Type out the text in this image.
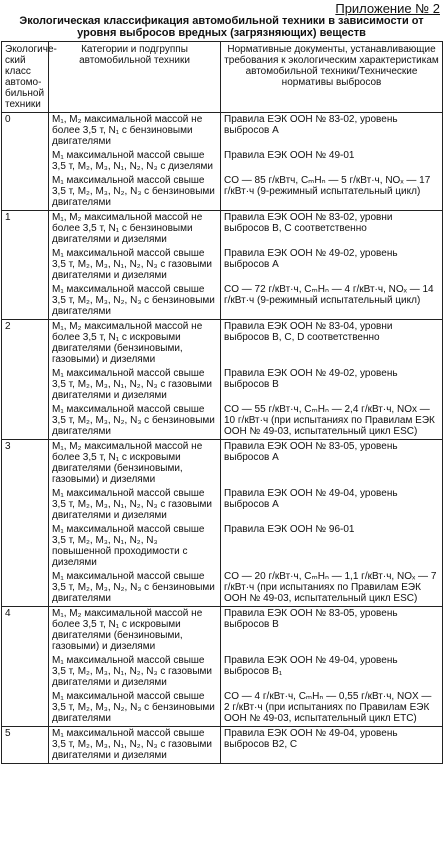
Приложение № 2
Экологическая классификация автомобильной техники в зависимости от уровня выбросов вредных (загрязняющих) веществ
Экологиче-ский класс автомо-бильной техники	Категории и подгруппы автомобильной техники	Нормативные документы, устанавливающие требования к экологическим характеристикам автомобильной техники/Технические нормативы выбросов
0	M₁, M₂ максимальной массой не более 3,5 т, N₁ с бензиновыми двигателями	Правила ЕЭК ООН № 83-02, уровень выбросов А
	M₁ максимальной массой свыше 3,5 т, M₂, M₃, N₁, N₂, N₃ с дизелями	Правила ЕЭК ООН № 49-01
	M₁ максимальной массой свыше 3,5 т, M₂, M₃, N₂, N₃ с бензиновыми двигателями	CO — 85 г/кВтч, CₘHₙ — 5 г/кВт·ч, NOₓ — 17 г/кВт·ч (9-режимный испытательный цикл)
1	M₁, M₂ максимальной массой не более 3,5 т, N₁ с бензиновыми двигателями и дизелями	Правила ЕЭК ООН № 83-02, уровни выбросов В, С соответственно
	M₁ максимальной массой свыше 3,5 т, M₂, M₃, N₁, N₂, N₃ с газовыми двигателями и дизелями	Правила ЕЭК ООН № 49-02, уровень выбросов А
	M₁ максимальной массой свыше 3,5 т, M₂, M₃, N₂, N₃ с бензиновыми двигателями	CO — 72 г/кВт·ч, CₘHₙ — 4 г/кВт·ч, NOₓ — 14 г/кВт·ч (9-режимный испытательный цикл)
2	M₁, M₂ максимальной массой не более 3,5 т, N₁ с искровыми двигателями (бензиновыми, газовыми) и дизелями	Правила ЕЭК ООН № 83-04, уровни выбросов В, С, D соответственно
	M₁ максимальной массой свыше 3,5 т, M₂, M₃, N₁, N₂, N₃ с газовыми двигателями и дизелями	Правила ЕЭК ООН № 49-02, уровень выбросов В
	M₁ максимальной массой свыше 3,5 т, M₂, M₃, N₂, N₃ с бензиновыми двигателями	CO — 55 г/кВт·ч, CₘHₙ — 2,4 г/кВт·ч, NOx — 10 г/кВт·ч (при испытаниях по Правилам ЕЭК ООН № 49-03, испытательный цикл ESC)
3	M₁, M₂ максимальной массой не более 3,5 т, N₁ с искровыми двигателями (бензиновыми, газовыми) и дизелями	Правила ЕЭК ООН № 83-05, уровень выбросов А
	M₁ максимальной массой свыше 3,5 т, M₂, M₃, N₁, N₂, N₃ с газовыми двигателями и дизелями	Правила ЕЭК ООН № 49-04, уровень выбросов А
	M₁ максимальной массой свыше 3,5 т, M₂, M₃, N₁, N₂, N₃ повышенной проходимости с дизелями	Правила ЕЭК ООН № 96-01
	M₁ максимальной массой свыше 3,5 т, M₂, M₃, N₂, N₃ с бензиновыми двигателями	CO — 20 г/кВт·ч, CₘHₙ — 1,1 г/кВт·ч, NOₓ — 7 г/кВт·ч (при испытаниях по Правилам ЕЭК ООН № 49-03, испытательный цикл ESC)
4	M₁, M₂ максимальной массой не более 3,5 т, N₁ с искровыми двигателями (бензиновыми, газовыми) и дизелями	Правила ЕЭК ООН № 83-05, уровень выбросов В
	M₁ максимальной массой свыше 3,5 т, M₂, M₃, N₁, N₂, N₃ с газовыми двигателями и дизелями	Правила ЕЭК ООН № 49-04, уровень выбросов B₁
	M₁ максимальной массой свыше 3,5 т, M₂, M₃, N₂, N₃ с бензиновыми двигателями	CO — 4 г/кВт·ч, CₘHₙ — 0,55 г/кВт·ч, NOX — 2 г/кВт·ч (при испытаниях по Правилам ЕЭК ООН № 49-03, испытательный цикл ETC)
5	M₁ максимальной массой свыше 3,5 т, M₂, M₃, N₁, N₂, N₃ с газовыми двигателями и дизелями	Правила ЕЭК ООН № 49-04, уровень выбросов В2, С
